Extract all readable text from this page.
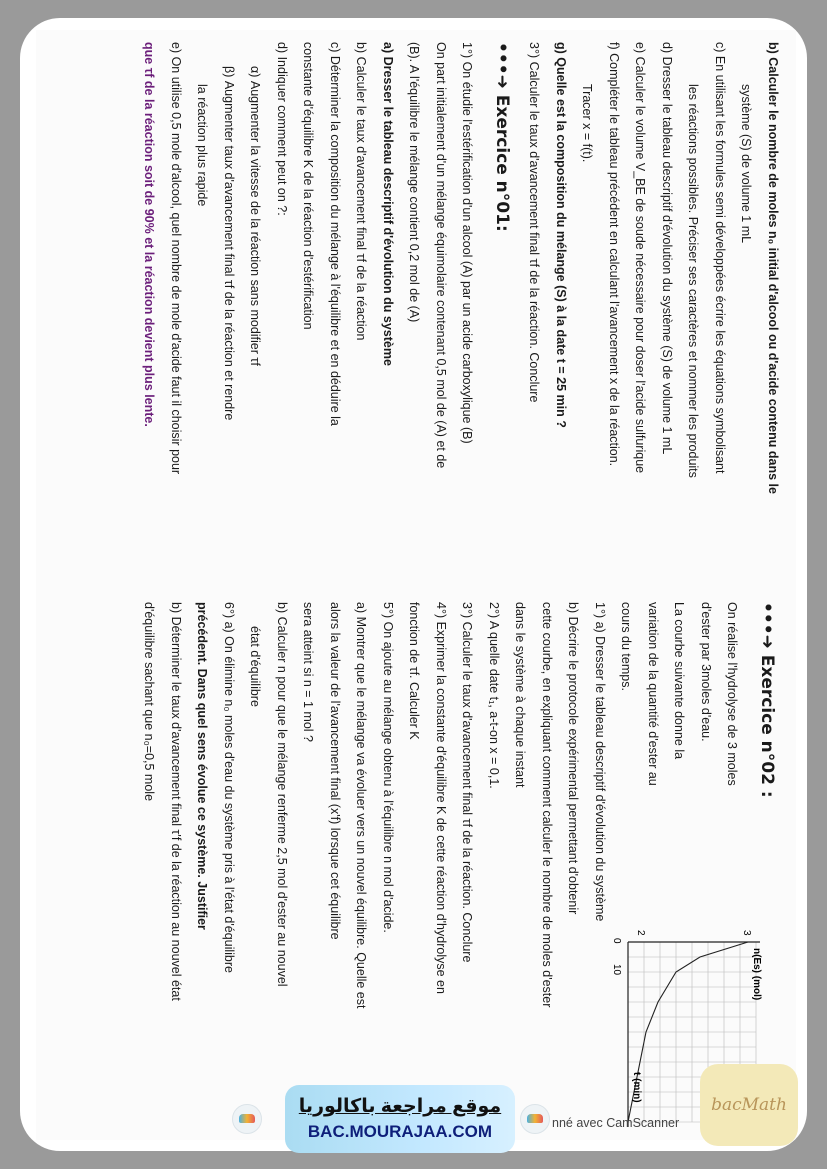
b) Calculer le nombre de moles n₀ initial d'alcool ou d'acide contenu dans le

système (S) de volume 1 mL

c) En utilisant les formules semi développées écrire les équations symbolisant

les réactions possibles. Préciser ses caractères et nommer les produits

d) Dresser le tableau descriptif d'évolution du système (S) de volume 1 mL

e) Calculer le volume V_BE de soude nécessaire pour doser l'acide sulfurique

f) Compléter le tableau précédent en calculant l'avancement x de la réaction.

Tracer x = f(t).

g) Quelle est la composition du mélange (S) à la date t = 25 min ?

3°) Calculer le taux d'avancement final τf de la réaction. Conclure

•••➜ Exercice n°01:

1°) On étudie l'estérification d'un alcool (A) par un acide carboxylique (B)

On part initialement d'un mélange équimolaire contenant 0,5 mol de (A) et de

(B). A l'équilibre le mélange contient 0,2 mol de (A)

a) Dresser le tableau descriptif d'évolution du système

b) Calculer le taux d'avancement final τf de la réaction

c) Déterminer la composition du mélange à l'équilibre et en déduire la

constante d'équilibre K de la réaction d'estérification

d) Indiquer comment peut on ?:

α) Augmenter la vitesse de la réaction sans modifier τf

β) Augmenter taux d'avancement final τf de la réaction et rendre

la réaction plus rapide

e) On utilise 0,5 mole d'alcool, quel nombre de mole d'acide faut il choisir pour

que τf de la réaction soit de 90% et la réaction devient plus lente.

•••➜ Exercice n°02 :

On réalise l'hydrolyse de 3 moles

d'ester par 3moles d'eau.

La courbe suivante donne la

variation de la quantité d'ester au

cours du temps.

1°) a) Dresser le tableau descriptif d'évolution du système

b) Décrire le protocole expérimental permettant d'obtenir

cette courbe, en expliquant comment calculer le nombre de moles d'ester

dans le système à chaque instant

2°) A quelle date t₁, a-t-on x = 0,1.

3°) Calculer le taux d'avancement final τf de la réaction. Conclure

4°) Exprimer la constante d'équilibre K de cette réaction d'hydrolyse en

fonction de τf. Calculer K

5°) On ajoute au mélange obtenu à l'équilibre n mol d'acide.

a) Montrer que le mélange va évoluer vers un nouvel équilibre. Quelle est

alors la valeur de l'avancement final (x'f) lorsque cet équilibre

sera atteint si n = 1 mol ?

b) Calculer n pour que le mélange renferme 2,5 mol d'ester au nouvel

état d'équilibre

6°) a) On élimine n₀ moles d'eau du système pris à l'état d'équilibre

précédent. Dans quel sens évolue ce système. Justifier

b) Déterminer le taux d'avancement final τ'f de la réaction au nouvel état

d'équilibre sachant que n₀=0,5 mole

n(Es) (mol)
t (min)
3
2
0
10
موقع مراجعة باكالوريا
BAC.MOURAJAA.COM	nné avec CamScanner
bacMath
